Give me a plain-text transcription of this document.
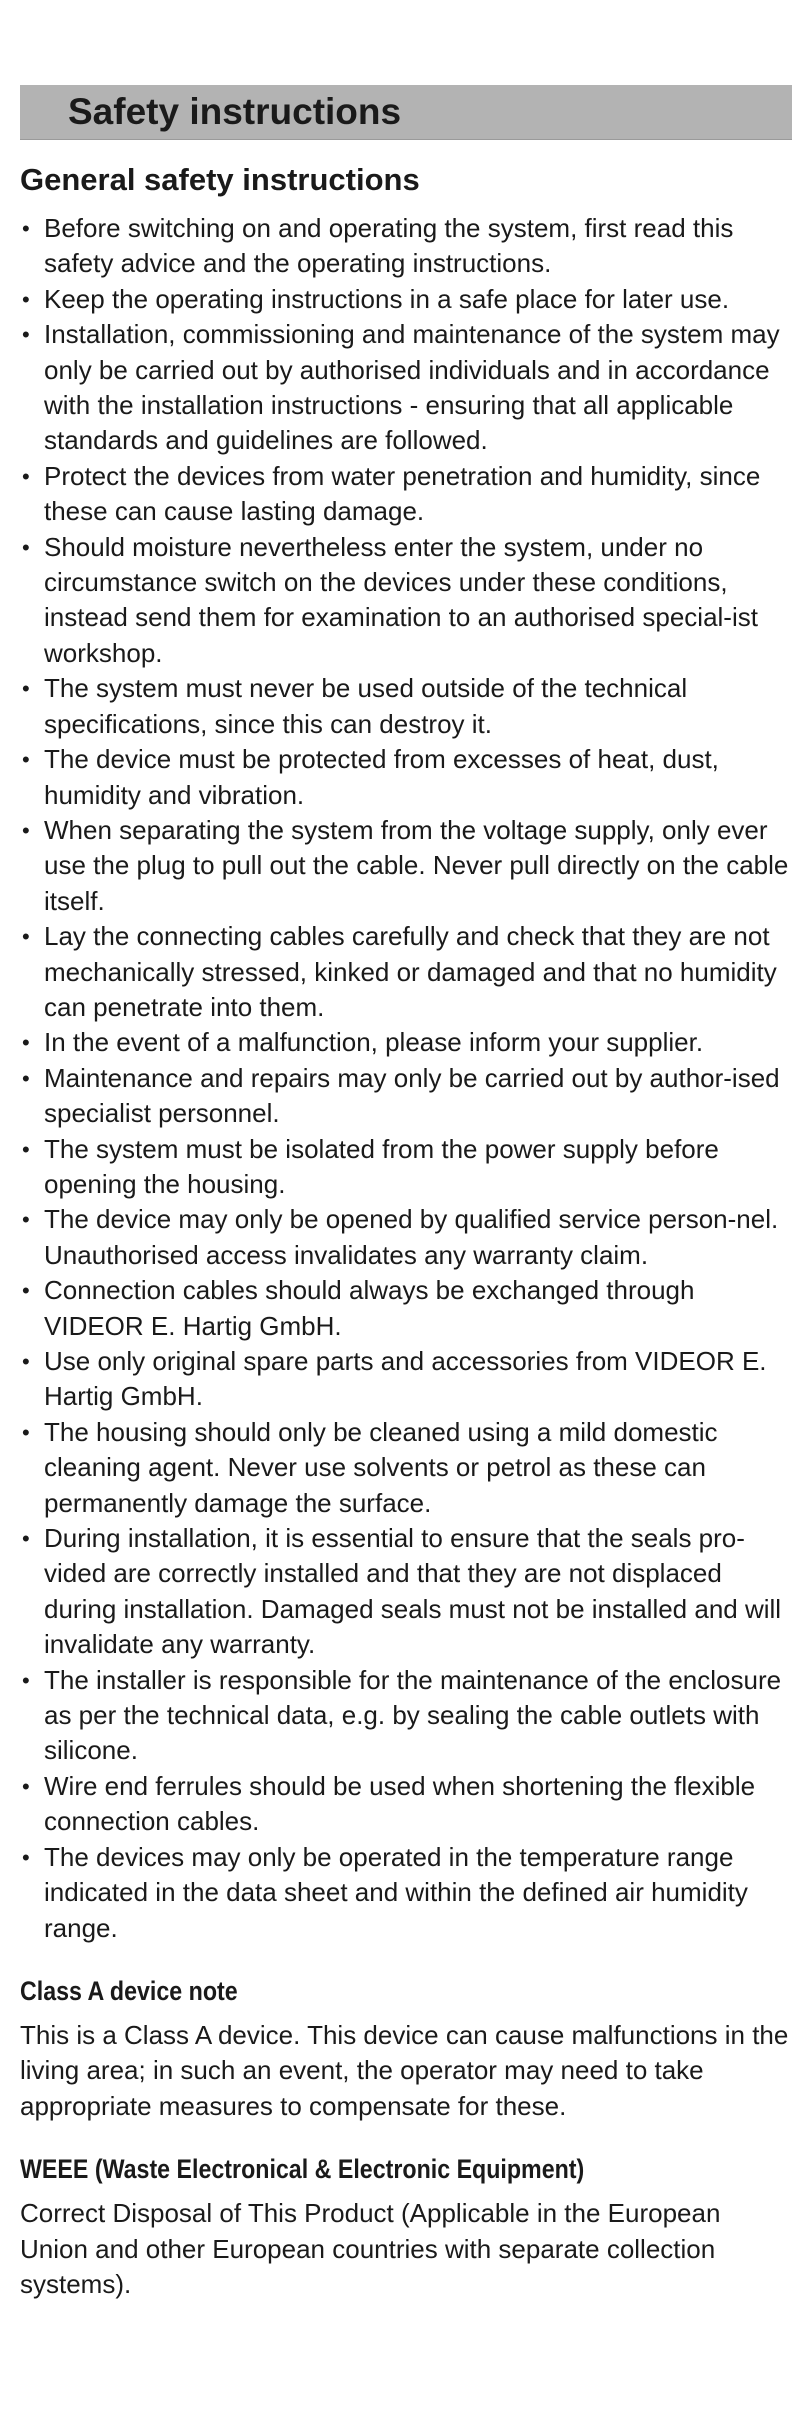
Safety instructions
General safety instructions
• Before switching on and operating the system, first read this safety advice and the operating instructions.
• Keep the operating instructions in a safe place for later use.
• Installation, commissioning and maintenance of the system may only be carried out by authorised individuals and in accordance with the installation instructions - ensuring that all applicable standards and guidelines are followed.
• Protect the devices from water penetration and humidity, since these can cause lasting damage.
• Should moisture nevertheless enter the system, under no circumstance switch on the devices under these conditions, instead send them for examination to an authorised special-ist workshop.
• The system must never be used outside of the technical specifications, since this can destroy it.
• The device must be protected from excesses of heat, dust, humidity and vibration.
• When separating the system from the voltage supply, only ever use the plug to pull out the cable. Never pull directly on the cable itself.
• Lay the connecting cables carefully and check that they are not mechanically stressed, kinked or damaged and that no humidity can penetrate into them.
• In the event of a malfunction, please inform your supplier.
• Maintenance and repairs may only be carried out by author-ised specialist personnel.
• The system must be isolated from the power supply before opening the housing.
• The device may only be opened by qualified service person-nel. Unauthorised access invalidates any warranty claim.
• Connection cables should always be exchanged through VIDEOR E. Hartig GmbH.
• Use only original spare parts and accessories from VIDEOR E. Hartig GmbH.
• The housing should only be cleaned using a mild domestic cleaning agent. Never use solvents or petrol as these can permanently damage the surface.
• During installation, it is essential to ensure that the seals pro-vided are correctly installed and that they are not displaced during installation. Damaged seals must not be installed and will invalidate any warranty.
• The installer is responsible for the maintenance of the enclosure as per the technical data, e.g. by sealing the cable outlets with silicone.
• Wire end ferrules should be used when shortening the flexible connection cables.
• The devices may only be operated in the temperature range indicated in the data sheet and within the defined air humidity range.
Class A device note

This is a Class A device. This device can cause malfunctions in the living area; in such an event, the operator may need to take appropriate measures to compensate for these.

WEEE (Waste Electronical & Electronic Equipment)

Correct Disposal of This Product (Applicable in the European Union and other European countries with separate collection systems).
